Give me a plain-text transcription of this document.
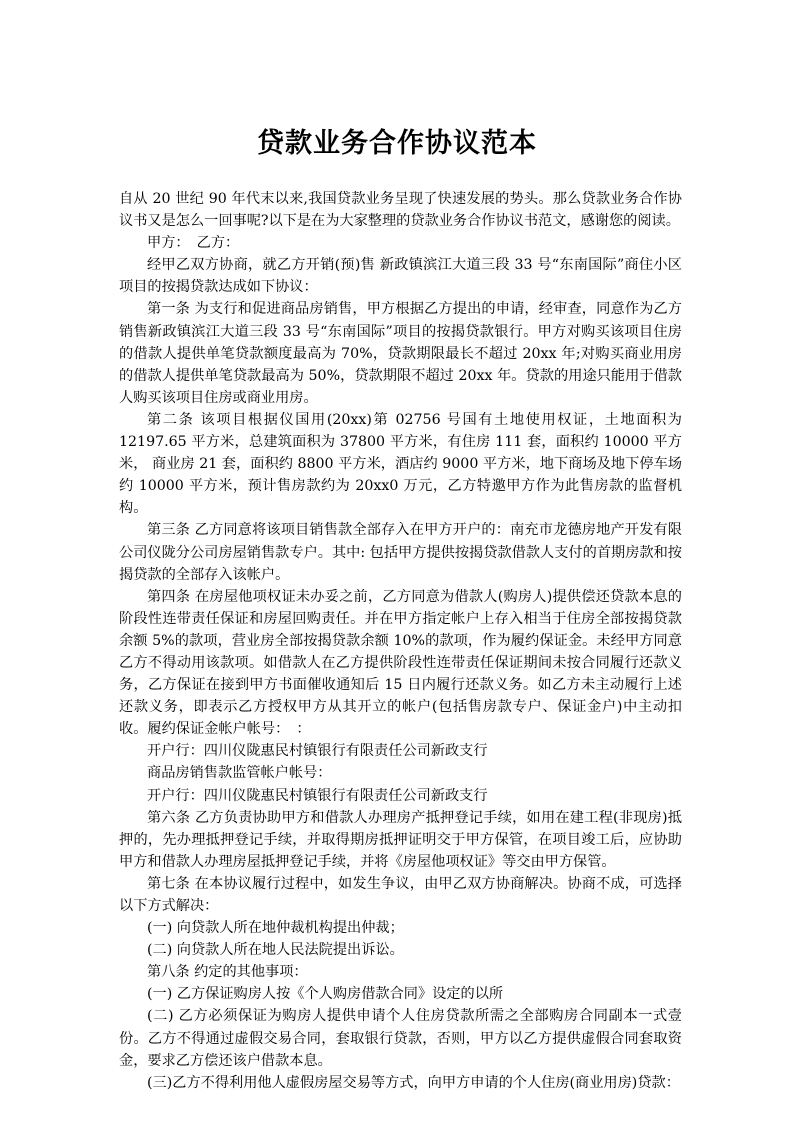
贷款业务合作协议范本

自从 20 世纪 90 年代末以来,我国贷款业务呈现了快速发展的势头。那么贷款业务合作协议书又是怎么一回事呢?以下是在为大家整理的贷款业务合作协议书范文，感谢您的阅读。

甲方：　乙方：

经甲乙双方协商，就乙方开销(预)售 新政镇滨江大道三段 33 号“东南国际”商住小区项目的按揭贷款达成如下协议：

第一条 为支行和促进商品房销售，甲方根据乙方提出的申请，经审查，同意作为乙方销售新政镇滨江大道三段 33 号“东南国际”项目的按揭贷款银行。甲方对购买该项目住房的借款人提供单笔贷款额度最高为 70%，贷款期限最长不超过 20xx 年;对购买商业用房的借款人提供单笔贷款最高为 50%，贷款期限不超过 20xx 年。贷款的用途只能用于借款人购买该项目住房或商业用房。

第二条 该项目根据仪国用(20xx)第 02756 号国有土地使用权证，土地面积为 12197.65 平方米，总建筑面积为 37800 平方米，有住房 111 套，面积约 10000 平方米， 商业房 21 套，面积约 8800 平方米，酒店约 9000 平方米，地下商场及地下停车场约 10000 平方米，预计售房款约为 20xx0 万元，乙方特邀甲方作为此售房款的监督机构。

第三条 乙方同意将该项目销售款全部存入在甲方开户的：南充市龙德房地产开发有限公司仪陇分公司房屋销售款专户。其中: 包括甲方提供按揭贷款借款人支付的首期房款和按揭贷款的全部存入该帐户。

第四条 在房屋他项权证未办妥之前，乙方同意为借款人(购房人)提供偿还贷款本息的阶段性连带责任保证和房屋回购责任。并在甲方指定帐户上存入相当于住房全部按揭贷款余额 5%的款项，营业房全部按揭贷款余额 10%的款项，作为履约保证金。未经甲方同意乙方不得动用该款项。如借款人在乙方提供阶段性连带责任保证期间未按合同履行还款义务，乙方保证在接到甲方书面催收通知后 15 日内履行还款义务。如乙方未主动履行上述还款义务，即表示乙方授权甲方从其开立的帐户(包括售房款专户、保证金户)中主动扣收。履约保证金帐户帐号：　：

开户行：四川仪陇惠民村镇银行有限责任公司新政支行

商品房销售款监管帐户帐号：

开户行：四川仪陇惠民村镇银行有限责任公司新政支行

第六条 乙方负责协助甲方和借款人办理房产抵押登记手续，如用在建工程(非现房)抵押的，先办理抵押登记手续，并取得期房抵押证明交于甲方保管，在项目竣工后，应协助甲方和借款人办理房屋抵押登记手续，并将《房屋他项权证》等交由甲方保管。

第七条 在本协议履行过程中，如发生争议，由甲乙双方协商解决。协商不成，可选择以下方式解决：

(一) 向贷款人所在地仲裁机构提出仲裁；

(二) 向贷款人所在地人民法院提出诉讼。

第八条 约定的其他事项：

(一) 乙方保证购房人按《个人购房借款合同》设定的以所

(二) 乙方必须保证为购房人提供申请个人住房贷款所需之全部购房合同副本一式壹份。乙方不得通过虚假交易合同，套取银行贷款，否则，甲方以乙方提供虚假合同套取资金，要求乙方偿还该户借款本息。

(三)乙方不得利用他人虚假房屋交易等方式，向甲方申请的个人住房(商业用房)贷款：
